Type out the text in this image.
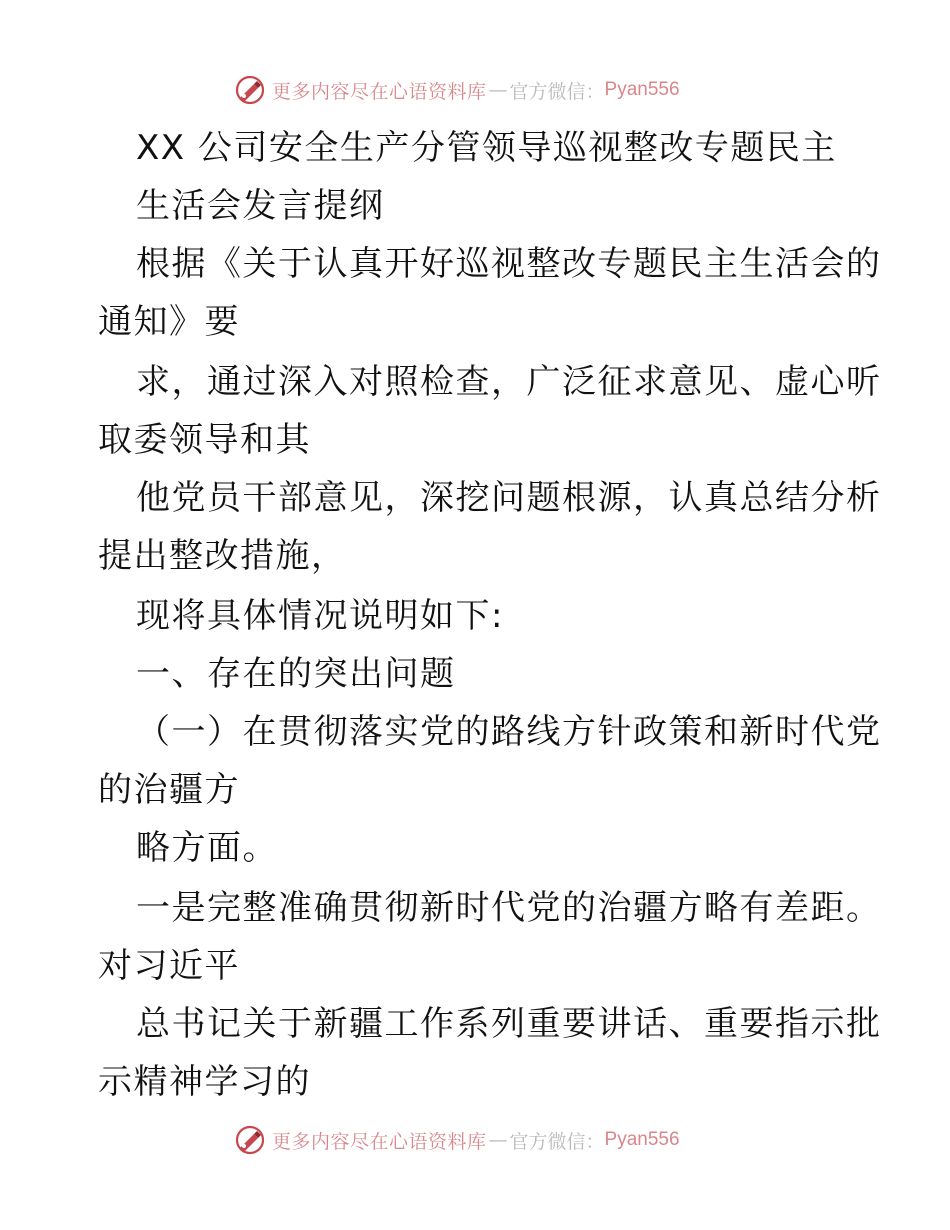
更多内容尽在心语资料库 — 官方微信： Pyan556
XX 公司安全生产分管领导巡视整改专题民主
生活会发言提纲
根据《关于认真开好巡视整改专题民主生活会的
通知》要
求，通过深入对照检查，广泛征求意见、虚心听
取委领导和其
他党员干部意见，深挖问题根源，认真总结分析
提出整改措施，
现将具体情况说明如下:
一、存在的突出问题
（一）在贯彻落实党的路线方针政策和新时代党
的治疆方
略方面。
一是完整准确贯彻新时代党的治疆方略有差距。
对习近平
总书记关于新疆工作系列重要讲话、重要指示批
示精神学习的
更多内容尽在心语资料库 — 官方微信： Pyan556
